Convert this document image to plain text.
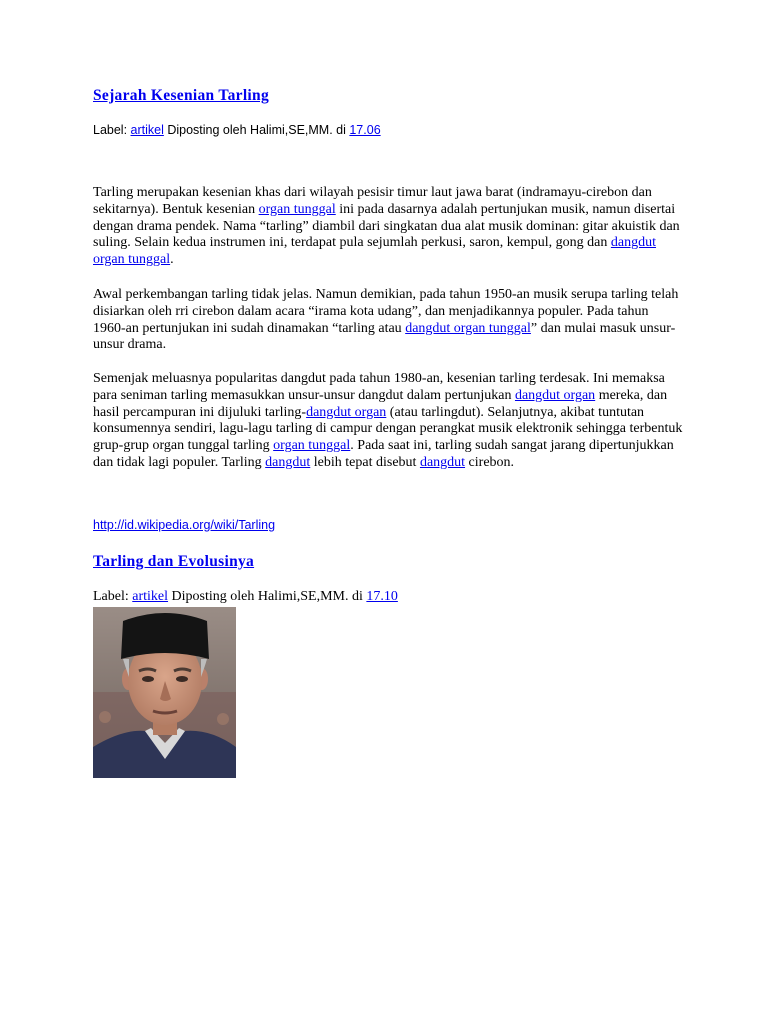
Sejarah Kesenian Tarling
Label: artikel Diposting oleh Halimi,SE,MM. di 17.06

Tarling merupakan kesenian khas dari wilayah pesisir timur laut jawa barat (indramayu-cirebon dan sekitarnya). Bentuk kesenian organ tunggal ini pada dasarnya adalah pertunjukan musik, namun disertai dengan drama pendek. Nama “tarling” diambil dari singkatan dua alat musik dominan: gitar akuistik dan suling. Selain kedua instrumen ini, terdapat pula sejumlah perkusi, saron, kempul, gong dan dangdut organ tunggal.

Awal perkembangan tarling tidak jelas. Namun demikian, pada tahun 1950-an musik serupa tarling telah disiarkan oleh rri cirebon dalam acara “irama kota udang”, dan menjadikannya populer. Pada tahun 1960-an pertunjukan ini sudah dinamakan “tarling atau dangdut organ tunggal” dan mulai masuk unsur-unsur drama.

Semenjak meluasnya popularitas dangdut pada tahun 1980-an, kesenian tarling terdesak. Ini memaksa para seniman tarling memasukkan unsur-unsur dangdut dalam pertunjukan dangdut organ mereka, dan hasil percampuran ini dijuluki tarling-dangdut organ (atau tarlingdut). Selanjutnya, akibat tuntutan konsumennya sendiri, lagu-lagu tarling di campur dengan perangkat musik elektronik sehingga terbentuk grup-grup organ tunggal tarling organ tunggal. Pada saat ini, tarling sudah sangat jarang dipertunjukkan dan tidak lagi populer. Tarling dangdut lebih tepat disebut dangdut cirebon.

http://id.wikipedia.org/wiki/Tarling
Tarling dan Evolusinya
Label: artikel Diposting oleh Halimi,SE,MM. di 17.10
